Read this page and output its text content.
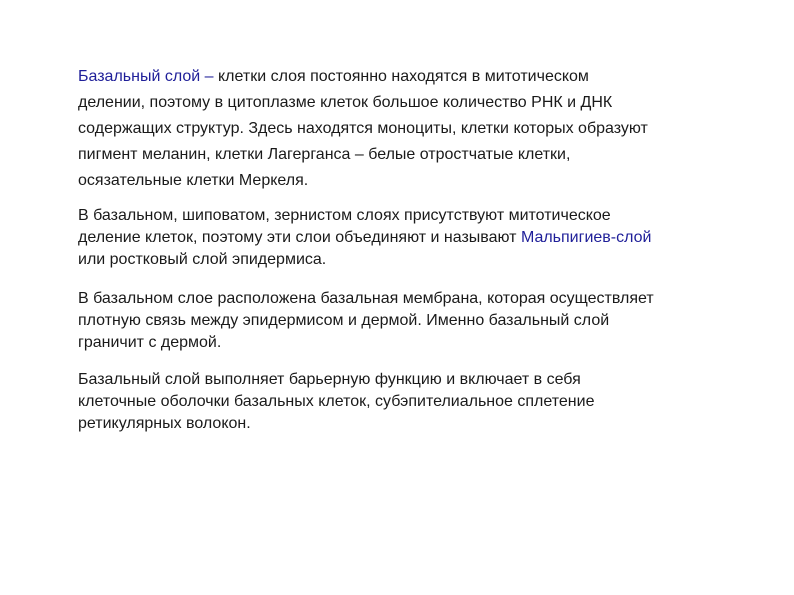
Базальный слой – клетки слоя постоянно находятся в митотическом
делении, поэтому в цитоплазме клеток большое количество РНК и ДНК
содержащих структур. Здесь находятся моноциты, клетки которых образуют
пигмент меланин, клетки Лагерганса – белые отростчатые клетки,
осязательные клетки Меркеля.

В базальном, шиповатом, зернистом слоях присутствуют митотическое
деление клеток, поэтому эти слои объединяют и называют Мальпигиев-слой
или ростковый слой эпидермиса.

В базальном слое расположена базальная мембрана, которая осуществляет
плотную связь между эпидермисом и дермой. Именно базальный слой
граничит с дермой.

Базальный слой выполняет барьерную функцию и включает в себя
клеточные оболочки базальных клеток, субэпителиальное сплетение
ретикулярных волокон.
